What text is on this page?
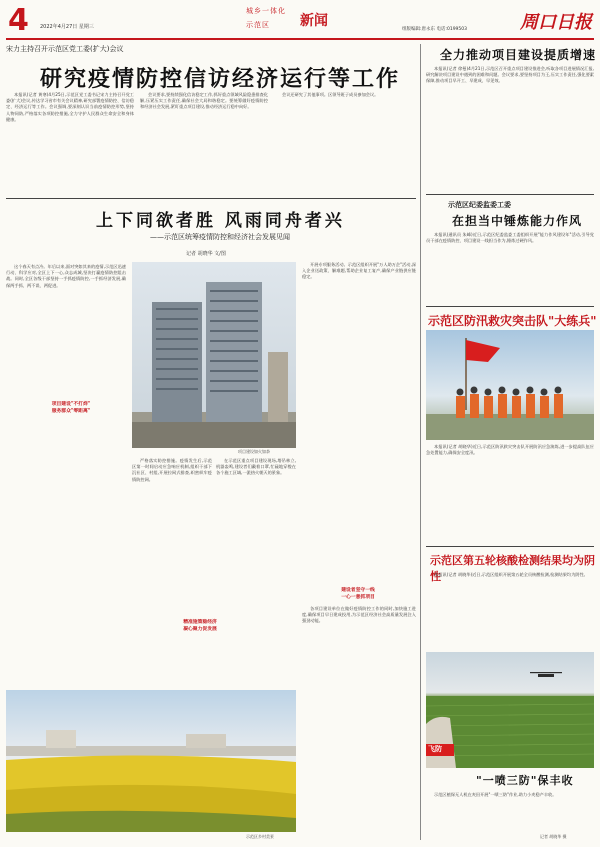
4 2022年4月27日 星期三
城乡一体化
示范区 新闻
组版编辑:唐永东 电话:0199503	周口日报
宋力主持召开示范区党工委(扩大)会议
研究疫情防控信访经济运行等工作

本报讯(记者 黄寒)4月25日,示范区党工委书记宋力主持召开党工委(扩大)会议,传达学习省市有关会议精神,研究部署疫情防控、信访稳定、经济运行等工作。会议强调,要深刻认识当前疫情防控形势,坚持人物同防,严格落实各项防控措施,全力守护人民群众生命安全和身体健康。

会议要求,要持续强化信访稳定工作,抓好重点领域风险隐患排查化解,压紧压实工作责任,确保社会大局和谐稳定。要统筹做好疫情防控和经济社会发展,紧盯重点项目建设,推动经济运行稳中向好。

会议还研究了其他事项。区领导班子成员参加会议。

上下同欲者胜 风雨同舟者兴
——示范区统筹疫情防控和经济社会发展见闻
记者 胡晓华 文/图

这个春天有点冷。年后以来,面对突如其来的疫情,示范区迅速行动、科学应对,全区上下一心,众志成城,坚决打赢疫情防控阻击战。同时,全区各级干部坚持一手抓疫情防控,一手抓经济发展,确保两手抓、两不误、两促进。

项目建设"不打烊"
服务群众"零距离"
项目建设如火如荼

严格落实防控措施。疫情发生后,示范区第一时间启动应急响应机制,组织干部下沉社区、村组,开展拉网式排查,织密织牢疫情防控网。

在示范区重点项目建设现场,塔吊林立,机器轰鸣,建设者们戴着口罩,忙碌地穿梭在各个施工区域,一派热火朝天的景象。

精准施策稳经济
凝心聚力促发展

开展专项服务活动。示范区组织开展"万人助万企"活动,深入企业送政策、解难题,帮助企业复工复产,确保产业链供应链稳定。

建设者坚守一线
一心一意抓项目

各项目建设单位在做好疫情防控工作的同时,加快施工进度,确保项目早日建成投用,为示范区经济社会高质量发展注入强劲动能。

示范区乡村美景
全力推动项目建设提质增速

本报讯(记者 徐曼)4月21日,示范区召开重点项目建设推进会,听取各项目进展情况汇报,研究解决项目建设中遇到的困难和问题。会议要求,要坚持项目为王,压实工作责任,强化要素保障,推动项目早开工、早建成、早见效。

示范区纪委监委工委
在担当中锤炼能力作风

本报讯(通讯员 朱峰)近日,示范区纪委监委工委组织开展"能力作风建设年"活动,引导党员干部在疫情防控、项目建设一线担当作为,锤炼过硬作风。

示范区防汛救灾突击队"大练兵"

本报讯(记者 胡晓华)近日,示范区防汛救灾突击队开展防汛应急演练,进一步提高队伍应急处置能力,确保安全度汛。

示范区第五轮核酸检测结果均为阴性

本报讯(记者 胡晓华)近日,示范区组织开展第五轮全员核酸检测,检测结果均为阴性。

飞防
"一喷三防"保丰收

示范区植保无人机在麦田开展"一喷三防"作业,助力小麦稳产丰收。

记者 胡晓华 摄
